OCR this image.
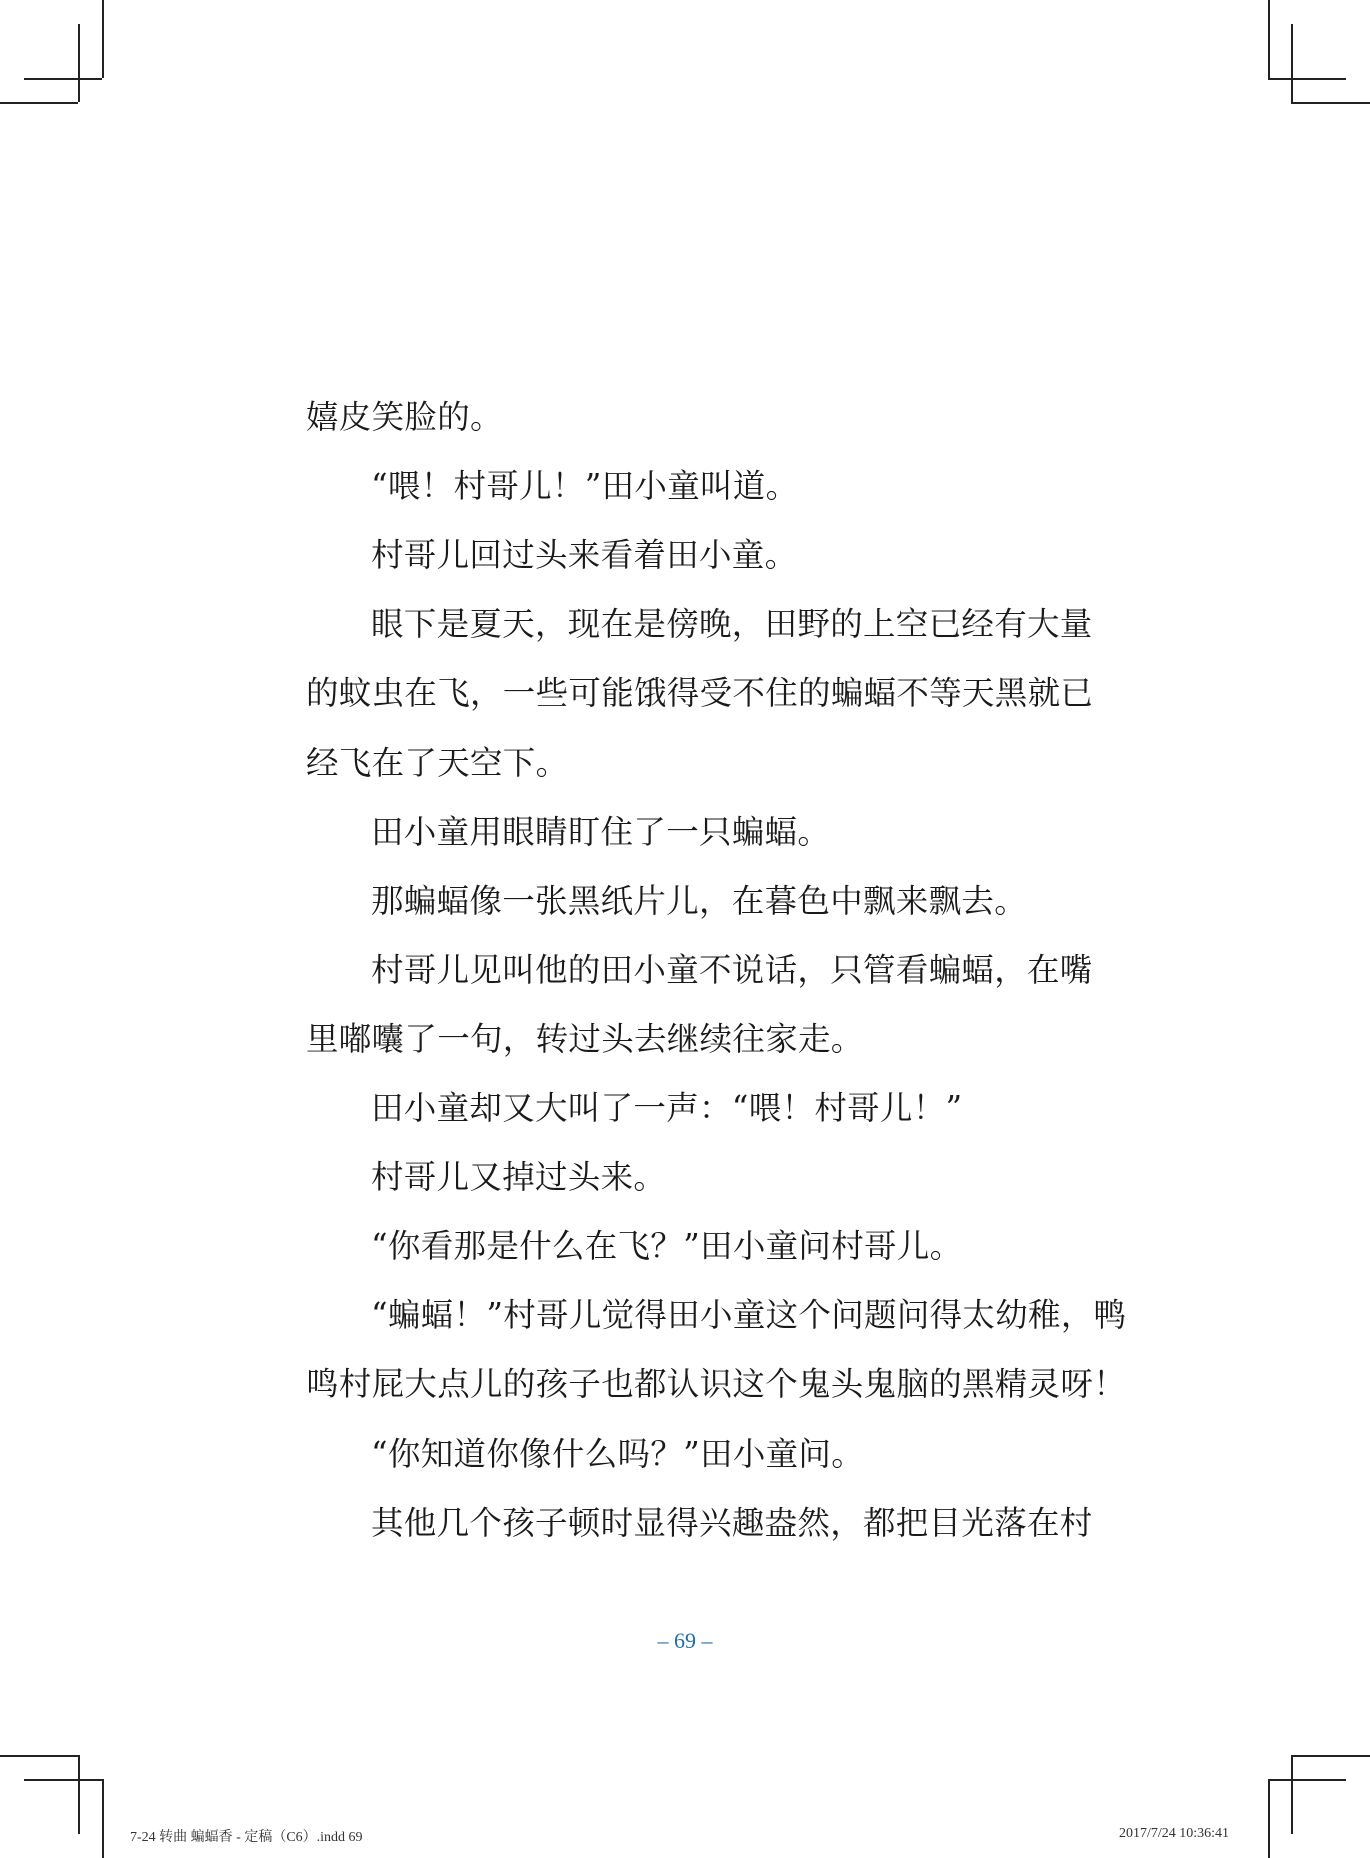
嬉皮笑脸的。
“喂！村哥儿！”田小童叫道。
村哥儿回过头来看着田小童。
眼下是夏天，现在是傍晚，田野的上空已经有大量
的蚊虫在飞，一些可能饿得受不住的蝙蝠不等天黑就已
经飞在了天空下。
田小童用眼睛盯住了一只蝙蝠。
那蝙蝠像一张黑纸片儿，在暮色中飘来飘去。
村哥儿见叫他的田小童不说话，只管看蝙蝠，在嘴
里嘟囔了一句，转过头去继续往家走。
田小童却又大叫了一声：“喂！村哥儿！”
村哥儿又掉过头来。
“你看那是什么在飞？”田小童问村哥儿。
“蝙蝠！”村哥儿觉得田小童这个问题问得太幼稚，鸭
鸣村屁大点儿的孩子也都认识这个鬼头鬼脑的黑精灵呀！
“你知道你像什么吗？”田小童问。
其他几个孩子顿时显得兴趣盎然，都把目光落在村
– 69 –
7-24 转曲 蝙蝠香 - 定稿（C6）.indd 69	2017/7/24 10:36:41
